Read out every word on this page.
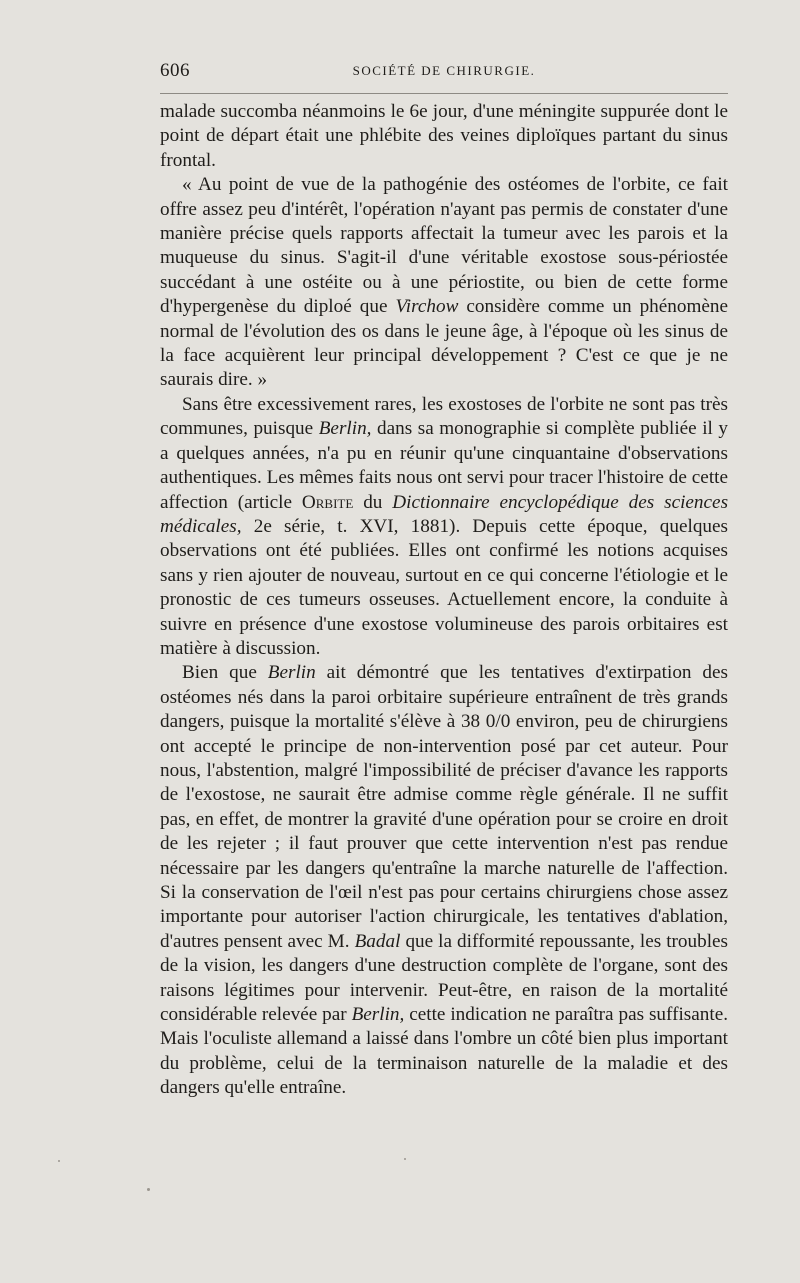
606	SOCIÉTÉ DE CHIRURGIE.

malade succomba néanmoins le 6e jour, d'une méningite suppurée dont le point de départ était une phlébite des veines diploïques partant du sinus frontal.

« Au point de vue de la pathogénie des ostéomes de l'orbite, ce fait offre assez peu d'intérêt, l'opération n'ayant pas permis de constater d'une manière précise quels rapports affectait la tumeur avec les parois et la muqueuse du sinus. S'agit-il d'une véritable exostose sous-périostée succédant à une ostéite ou à une périostite, ou bien de cette forme d'hypergenèse du diploé que Virchow considère comme un phénomène normal de l'évolution des os dans le jeune âge, à l'époque où les sinus de la face acquièrent leur principal développement ? C'est ce que je ne saurais dire. »

Sans être excessivement rares, les exostoses de l'orbite ne sont pas très communes, puisque Berlin, dans sa monographie si complète publiée il y a quelques années, n'a pu en réunir qu'une cinquantaine d'observations authentiques. Les mêmes faits nous ont servi pour tracer l'histoire de cette affection (article Orbite du Dictionnaire encyclopédique des sciences médicales, 2e série, t. XVI, 1881). Depuis cette époque, quelques observations ont été publiées. Elles ont confirmé les notions acquises sans y rien ajouter de nouveau, surtout en ce qui concerne l'étiologie et le pronostic de ces tumeurs osseuses. Actuellement encore, la conduite à suivre en présence d'une exostose volumineuse des parois orbitaires est matière à discussion.

Bien que Berlin ait démontré que les tentatives d'extirpation des ostéomes nés dans la paroi orbitaire supérieure entraînent de très grands dangers, puisque la mortalité s'élève à 38 0/0 environ, peu de chirurgiens ont accepté le principe de non-intervention posé par cet auteur. Pour nous, l'abstention, malgré l'impossibilité de préciser d'avance les rapports de l'exostose, ne saurait être admise comme règle générale. Il ne suffit pas, en effet, de montrer la gravité d'une opération pour se croire en droit de les rejeter ; il faut prouver que cette intervention n'est pas rendue nécessaire par les dangers qu'entraîne la marche naturelle de l'affection. Si la conservation de l'œil n'est pas pour certains chirurgiens chose assez importante pour autoriser l'action chirurgicale, les tentatives d'ablation, d'autres pensent avec M. Badal que la difformité repoussante, les troubles de la vision, les dangers d'une destruction complète de l'organe, sont des raisons légitimes pour intervenir. Peut-être, en raison de la mortalité considérable relevée par Berlin, cette indication ne paraîtra pas suffisante. Mais l'oculiste allemand a laissé dans l'ombre un côté bien plus important du problème, celui de la terminaison naturelle de la maladie et des dangers qu'elle entraîne.
